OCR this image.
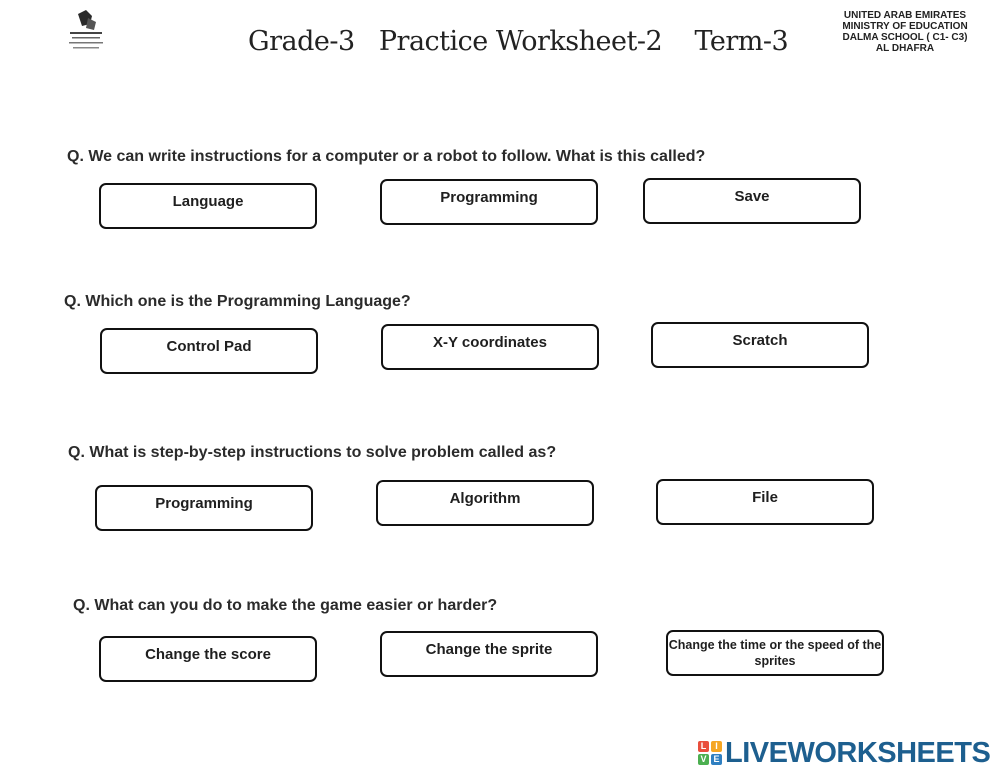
Grade-3   Practice Worksheet-2    Term-3
UNITED ARAB EMIRATES
MINISTRY OF EDUCATION
DALMA SCHOOL ( C1- C3)
AL DHAFRA
Q. We can write instructions for a computer or a robot to follow. What is this called?
Language	Programming	Save
Q. Which one is the Programming Language?
Control Pad	X-Y coordinates	Scratch
Q. What is step-by-step instructions to solve problem called as?
Programming	Algorithm	File
Q. What can you do to make the game easier or harder?
Change the score	Change the sprite	Change the time or the speed of the sprites
L I
V E LIVEWORKSHEETS
